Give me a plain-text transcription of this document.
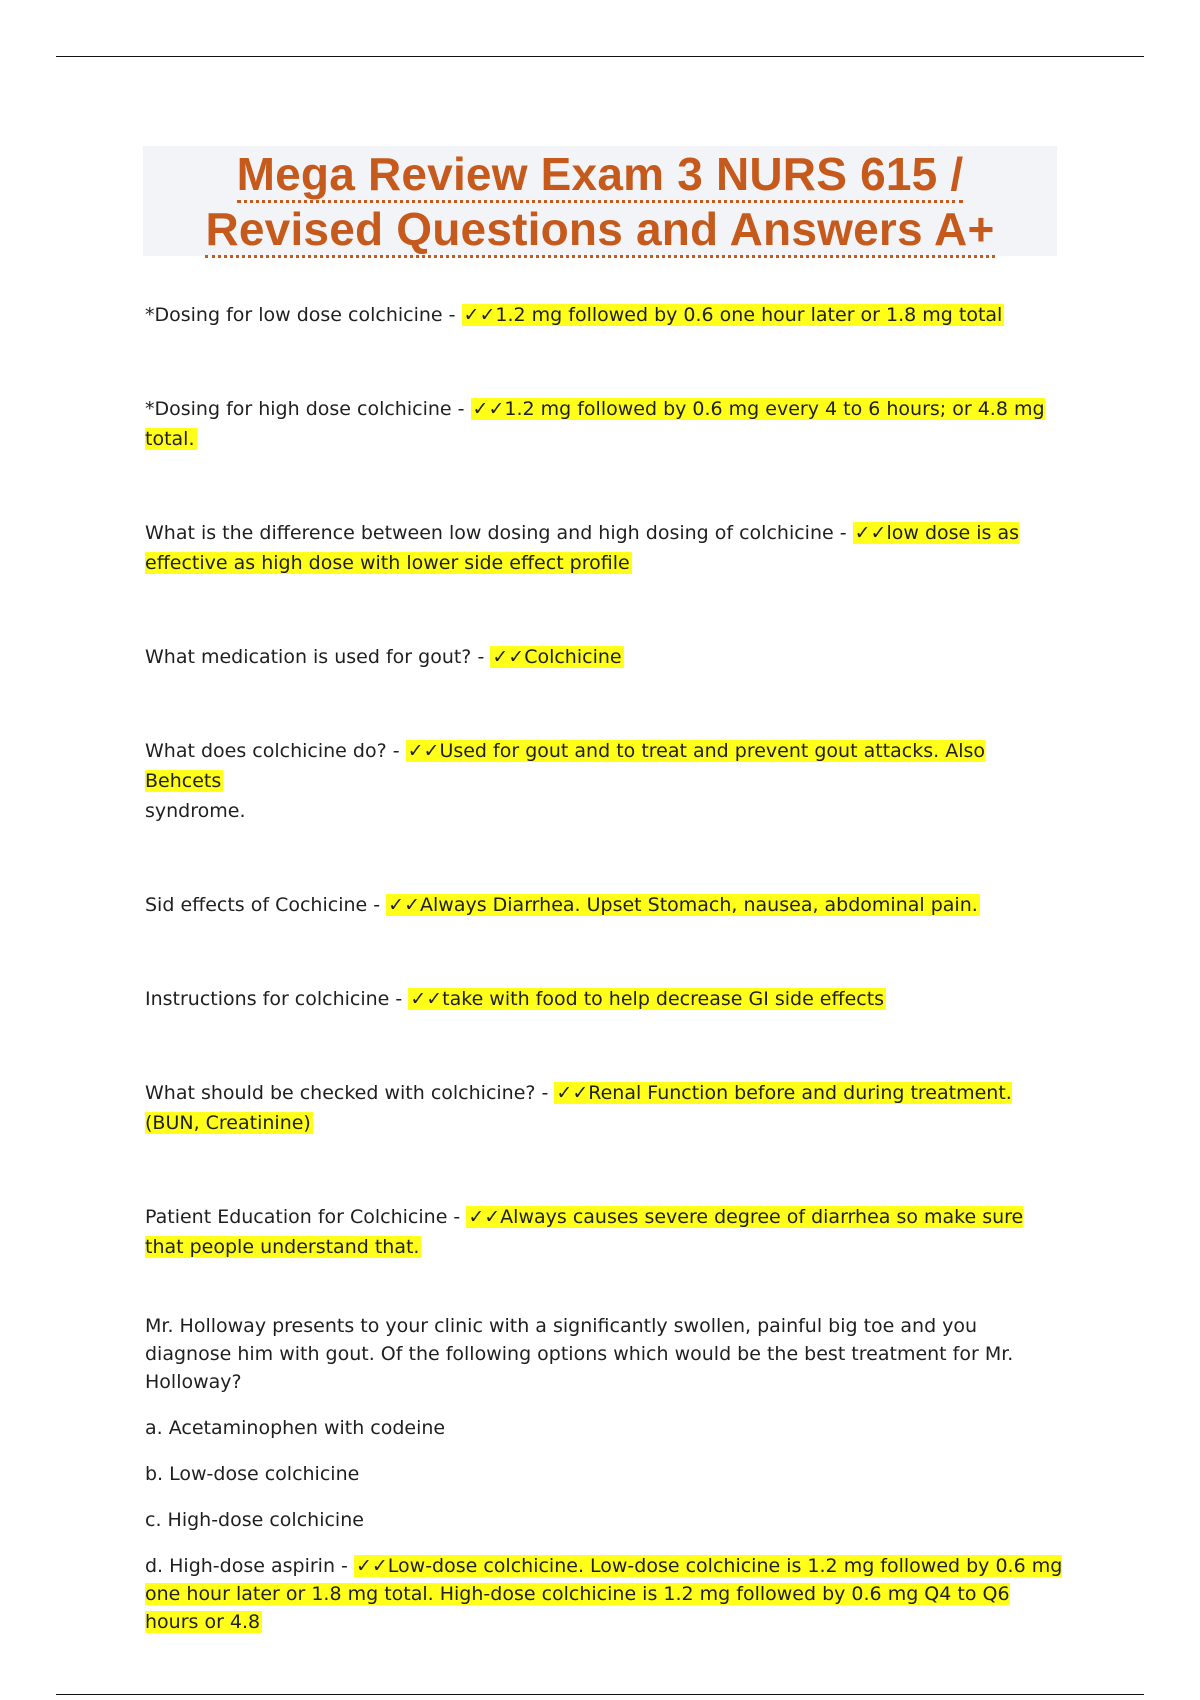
Mega Review Exam 3 NURS 615 /
Revised Questions and Answers A+
*Dosing for low dose colchicine - ✓✓1.2 mg followed by 0.6 one hour later or 1.8 mg total
*Dosing for high dose colchicine - ✓✓1.2 mg followed by 0.6 mg every 4 to 6 hours; or 4.8 mg total.
What is the difference between low dosing and high dosing of colchicine - ✓✓low dose is as effective as high dose with lower side effect profile
What medication is used for gout? - ✓✓Colchicine
What does colchicine do? - ✓✓Used for gout and to treat and prevent gout attacks. Also Behcets
syndrome.
Sid effects of Cochicine - ✓✓Always Diarrhea. Upset Stomach, nausea, abdominal pain.
Instructions for colchicine - ✓✓take with food to help decrease GI side effects
What should be checked with colchicine? - ✓✓Renal Function before and during treatment. (BUN, Creatinine)
Patient Education for Colchicine - ✓✓Always causes severe degree of diarrhea so make sure that people understand that.
Mr. Holloway presents to your clinic with a significantly swollen, painful big toe and you diagnose him with gout. Of the following options which would be the best treatment for Mr. Holloway?
a. Acetaminophen with codeine
b. Low-dose colchicine
c. High-dose colchicine
d. High-dose aspirin - ✓✓Low-dose colchicine. Low-dose colchicine is 1.2 mg followed by 0.6 mg one hour later or 1.8 mg total. High-dose colchicine is 1.2 mg followed by 0.6 mg Q4 to Q6 hours or 4.8
